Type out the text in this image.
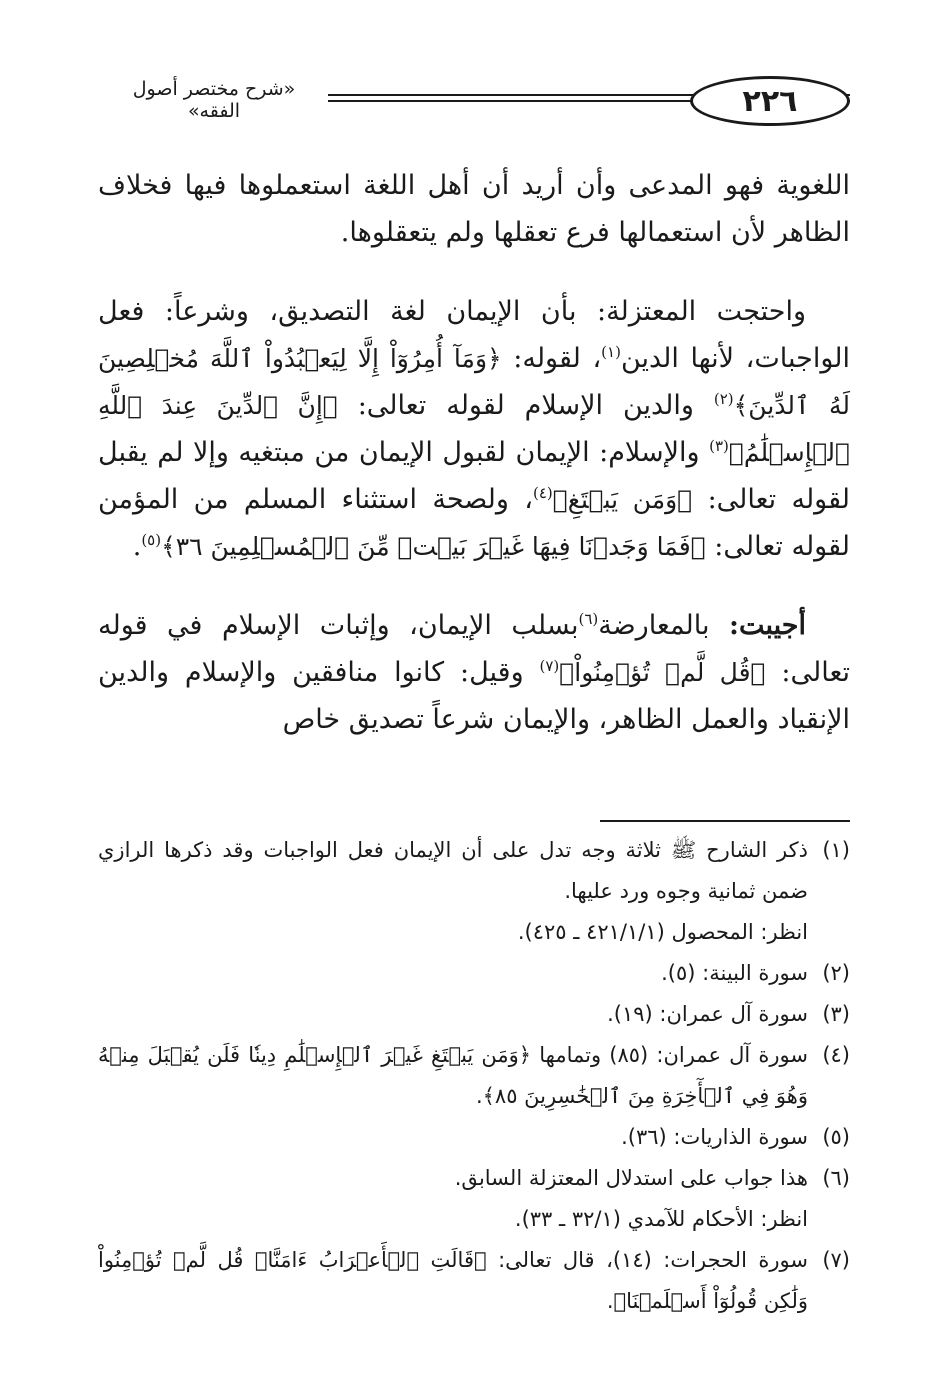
٢٢٦
«شرح مختصر أصول الفقه»

اللغوية فهو المدعى وأن أريد أن أهل اللغة استعملوها فيها فخلاف الظاهر لأن استعمالها فرع تعقلها ولم يتعقلوها.

واحتجت المعتزلة: بأن الإيمان لغة التصديق، وشرعاً: فعل الواجبات، لأنها الدين$^{(١)}$، لقوله: ﴿وَمَآ أُمِرُوٓاْ إِلَّا لِيَعۡبُدُواْ ٱللَّهَ مُخۡلِصِينَ لَهُ ٱلدِّينَ﴾$^{(٢)}$ والدين الإسلام لقوله تعالى: ﴿إِنَّ ٱلدِّينَ عِندَ ٱللَّهِ ٱلۡإِسۡلَٰمُ﴾$^{(٣)}$ والإسلام: الإيمان لقبول الإيمان من مبتغيه وإلا لم يقبل لقوله تعالى: ﴿وَمَن يَبۡتَغِ﴾$^{(٤)}$، ولصحة استثناء المسلم من المؤمن لقوله تعالى: ﴿فَمَا وَجَدۡنَا فِيهَا غَيۡرَ بَيۡتٖ مِّنَ ٱلۡمُسۡلِمِينَ ٣٦﴾$^{(٥)}$.

أجيبت: بالمعارضة$^{(٦)}$بسلب الإيمان، وإثبات الإسلام في قوله تعالى: ﴿قُل لَّمۡ تُؤۡمِنُواْ﴾$^{(٧)}$ وقيل: كانوا منافقين والإسلام والدين الإنقياد والعمل الظاهر، والإيمان شرعاً تصديق خاص

(١)
ذكر الشارح ﷺ ثلاثة وجه تدل على أن الإيمان فعل الواجبات وقد ذكرها الرازي ضمن ثمانية وجوه ورد عليها.
انظر: المحصول (٤٢١/١/١ ـ ٤٢٥).
(٢)
سورة البينة: (٥).
(٣)
سورة آل عمران: (١٩).
(٤)
سورة آل عمران: (٨٥) وتمامها ﴿وَمَن يَبۡتَغِ غَيۡرَ ٱلۡإِسۡلَٰمِ دِينٗا فَلَن يُقۡبَلَ مِنۡهُ وَهُوَ فِي ٱلۡأٓخِرَةِ مِنَ ٱلۡخَٰسِرِينَ ٨٥﴾.
(٥)
سورة الذاريات: (٣٦).
(٦)
هذا جواب على استدلال المعتزلة السابق.
انظر: الأحكام للآمدي (٣٢/١ ـ ٣٣).
(٧)
سورة الحجرات: (١٤)، قال تعالى: ﴿قَالَتِ ٱلۡأَعۡرَابُ ءَامَنَّاۖ قُل لَّمۡ تُؤۡمِنُواْ وَلَٰكِن قُولُوٓاْ أَسۡلَمۡنَا﴾.
